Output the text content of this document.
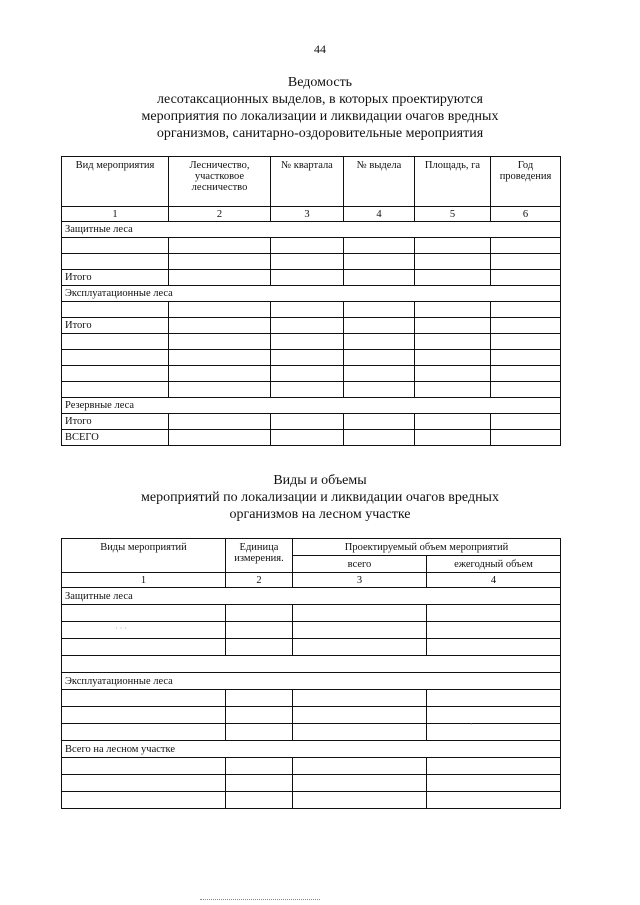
44
Ведомость
лесотаксационных выделов, в которых проектируются
мероприятия по локализации и ликвидации очагов вредных
организмов, санитарно-оздоровительные мероприятия
Вид мероприятия	Лесничество, участковое лесничество	№ квартала	№ выдела	Площадь, га	Год проведения
1	2	3	4	5	6
Защитные леса					

Итого					
Эксплуатационные леса					

Итого					

Резервные леса					
Итого					
ВСЕГО					
Виды и объемы
мероприятий по локализации и ликвидации очагов вредных
организмов на лесном участке
Виды мероприятий	Единица измерения.	Проектируемый объем мероприятий	
		всего	ежегодный объем
1	2	3	4
Защитные леса			

Эксплуатационные леса			

Всего на лесном участке			

· · ·
·
